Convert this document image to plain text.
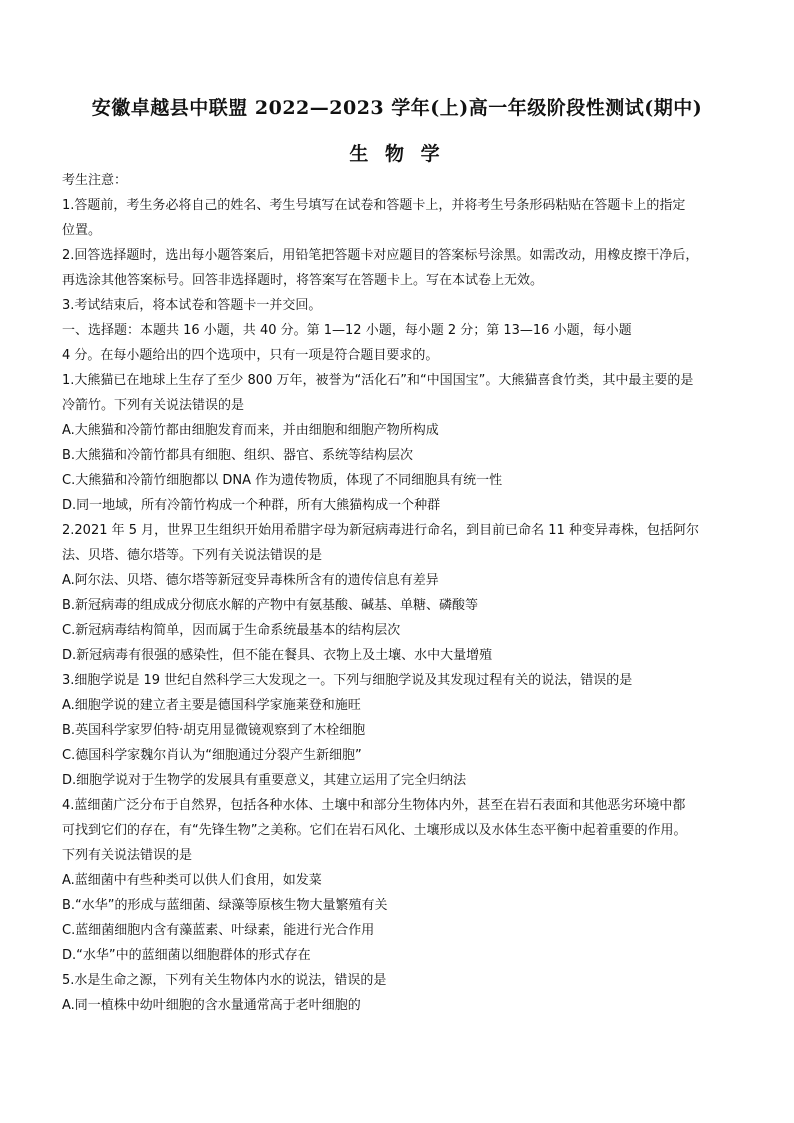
安徽卓越县中联盟 2022—2023 学年(上)高一年级阶段性测试(期中)
生 物 学

考生注意：

1.答题前，考生务必将自己的姓名、考生号填写在试卷和答题卡上，并将考生号条形码粘贴在答题卡上的指定

位置。

2.回答选择题时，选出每小题答案后，用铅笔把答题卡对应题目的答案标号涂黑。如需改动，用橡皮擦干净后，

再选涂其他答案标号。回答非选择题时，将答案写在答题卡上。写在本试卷上无效。

3.考试结束后，将本试卷和答题卡一并交回。

一、选择题：本题共 16 小题，共 40 分。第 1—12 小题，每小题 2 分；第 13—16 小题，每小题

4 分。在每小题给出的四个选项中，只有一项是符合题目要求的。

1.大熊猫已在地球上生存了至少 800 万年，被誉为“活化石”和“中国国宝”。大熊猫喜食竹类，其中最主要的是

冷箭竹。下列有关说法错误的是

A.大熊猫和冷箭竹都由细胞发育而来，并由细胞和细胞产物所构成

B.大熊猫和冷箭竹都具有细胞、组织、器官、系统等结构层次

C.大熊猫和冷箭竹细胞都以 DNA 作为遗传物质，体现了不同细胞具有统一性

D.同一地域，所有冷箭竹构成一个种群，所有大熊猫构成一个种群

2.2021 年 5 月，世界卫生组织开始用希腊字母为新冠病毒进行命名，到目前已命名 11 种变异毒株，包括阿尔

法、贝塔、德尔塔等。下列有关说法错误的是

A.阿尔法、贝塔、德尔塔等新冠变异毒株所含有的遗传信息有差异

B.新冠病毒的组成成分彻底水解的产物中有氨基酸、碱基、单糖、磷酸等

C.新冠病毒结构简单，因而属于生命系统最基本的结构层次

D.新冠病毒有很强的感染性，但不能在餐具、衣物上及土壤、水中大量增殖

3.细胞学说是 19 世纪自然科学三大发现之一。下列与细胞学说及其发现过程有关的说法，错误的是

A.细胞学说的建立者主要是德国科学家施莱登和施旺

B.英国科学家罗伯特·胡克用显微镜观察到了木栓细胞

C.德国科学家魏尔肖认为“细胞通过分裂产生新细胞”

D.细胞学说对于生物学的发展具有重要意义，其建立运用了完全归纳法

4.蓝细菌广泛分布于自然界，包括各种水体、土壤中和部分生物体内外，甚至在岩石表面和其他恶劣环境中都

可找到它们的存在，有“先锋生物”之美称。它们在岩石风化、土壤形成以及水体生态平衡中起着重要的作用。

下列有关说法错误的是

A.蓝细菌中有些种类可以供人们食用，如发菜

B.“水华”的形成与蓝细菌、绿藻等原核生物大量繁殖有关

C.蓝细菌细胞内含有藻蓝素、叶绿素，能进行光合作用

D.“水华”中的蓝细菌以细胞群体的形式存在

5.水是生命之源，下列有关生物体内水的说法，错误的是

A.同一植株中幼叶细胞的含水量通常高于老叶细胞的
